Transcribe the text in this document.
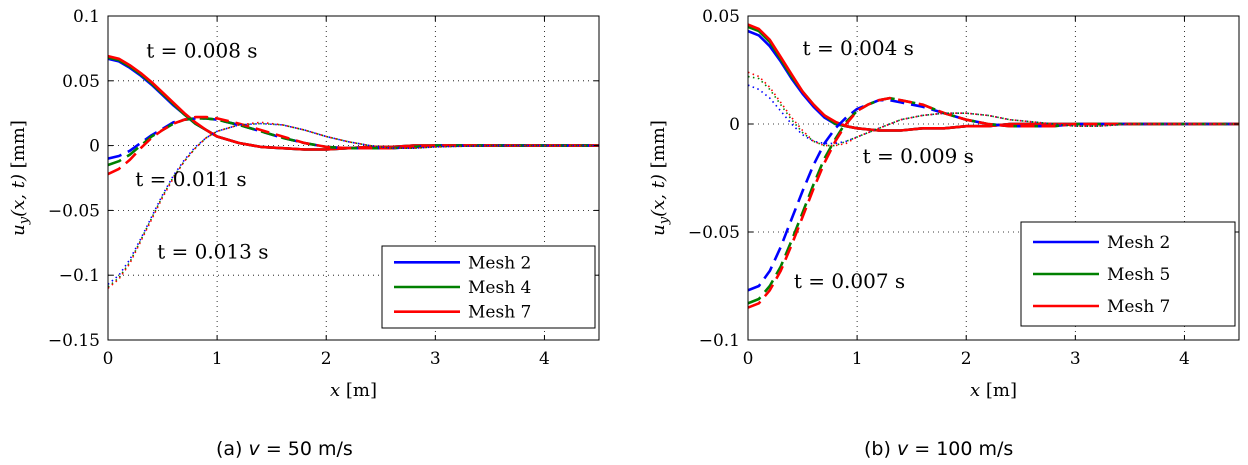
0	1	2	3	4
−0.15
−0.1
−0.05
0
0.05
0.1
x [m]
$u_y(x$, t) [mm]
t = 0.008 s
t = 0.011 s
t = 0.013 s	Mesh 2
Mesh 4
Mesh 7
(a) v = 50 m/s
0	1	2	3	4
−0.1
−0.05
0
0.05
x [m]
$u_y(x$, t) [mm]
t = 0.004 s
t = 0.009 s
t = 0.007 s
Mesh 2
Mesh 5
Mesh 7
(b) v = 100 m/s
